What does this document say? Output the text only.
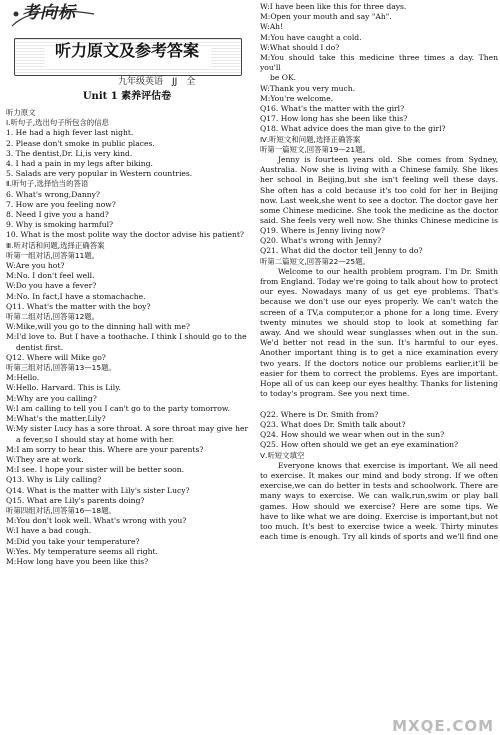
考向标
听力原文及参考答案
九年级英语　JJ　全
Unit 1 素养评估卷
听力原文
Ⅰ.听句子,选出句子所包含的信息
1. He had a high fever last night.
2. Please don't smoke in public places.
3. The dentist,Dr. Li,is very kind.
4. I had a pain in my legs after biking.
5. Salads are very popular in Western countries.
Ⅱ.听句子,选择恰当的答语
6. What's wrong,Danny?
7. How are you feeling now?
8. Need I give you a hand?
9. Why is smoking harmful?
10. What is the most polite way the doctor advise his patient?
Ⅲ.听对话和问题,选择正确答案
听第一组对话,回答第11题。
W:Are you hot?
M:No. I don't feel well.
W:Do you have a fever?
M:No. In fact,I have a stomachache.
Q11. What's the matter with the boy?
听第二组对话,回答第12题。
W:Mike,will you go to the dinning hall with me?
M:I'd love to. But I have a toothache. I think I should go to the
dentist first.
Q12. Where will Mike go?
听第三组对话,回答第13—15题。
M:Hello.
W:Hello. Harvard. This is Lily.
M:Why are you calling?
W:I am calling to tell you I can't go to the party tomorrow.
M:What's the matter,Lily?
W:My sister Lucy has a sore throat. A sore throat may give her
a fever,so I should stay at home with her.
M:I am sorry to hear this. Where are your parents?
W:They are at work.
M:I see. I hope your sister will be better soon.
Q13. Why is Lily calling?
Q14. What is the matter with Lily's sister Lucy?
Q15. What are Lily's parents doing?
听第四组对话,回答第16—18题。
M:You don't look well. What's wrong with you?
W:I have a bad cough.
M:Did you take your temperature?
W:Yes. My temperature seems all right.
M:How long have you been like this?
W:I have been like this for three days.
M:Open your mouth and say "Ah".
W:Ah!
M:You have caught a cold.
W:What should I do?
M:You should take this medicine three times a day. Then you'll
be OK.
W:Thank you very much.
M:You're welcome.
Q16. What's the matter with the girl?
Q17. How long has she been like this?
Q18. What advice does the man give to the girl?
Ⅳ.听短文和问题,选择正确答案
听第一篇短文,回答第19—21题。
Jenny is fourteen years old. She comes from Sydney, Australia. Now she is living with a Chinese family. She likes her school in Beijing,but she isn't feeling well these days. She often has a cold because it's too cold for her in Beijing now. Last week,she went to see a doctor. The doctor gave her some Chinese medicine. She took the medicine as the doctor said. She feels very well now. She thinks Chinese medicine is
Q19. Where is Jenny living now?
Q20. What's wrong with Jenny?
Q21. What did the doctor tell Jenny to do?
听第二篇短文,回答第22—25题。
Welcome to our health problem program. I'm Dr. Smith from England. Today we're going to talk about how to protect our eyes. Nowadays many of us get eye problems. That's because we don't use our eyes properly. We can't watch the screen of a TV,a computer,or a phone for a long time. Every twenty minutes we should stop to look at something far away. And we should wear sunglasses when out in the sun. We'd better not read in the sun. It's harmful to our eyes. Another important thing is to get a nice examination every two years. If the doctors notice our problems earlier,it'll be easier for them to correct the problems. Eyes are important. Hope all of us can keep our eyes healthy. Thanks for listening to today's program. See you next time.
Q22. Where is Dr. Smith from?
Q23. What does Dr. Smith talk about?
Q24. How should we wear when out in the sun?
Q25. How often should we get an eye examination?
Ⅴ.听短文填空
Everyone knows that exercise is important. We all need to exercise. It makes our mind and body strong. If we often exercise,we can do better in tests and schoolwork. There are many ways to exercise. We can walk,run,swim or play ball games. How should we exercise? Here are some tips. We have to like what we are doing. Exercise is important,but not too much. It's best to exercise twice a week. Thirty minutes each time is enough. Try all kinds of sports and we'll find one
MXQE.COM
